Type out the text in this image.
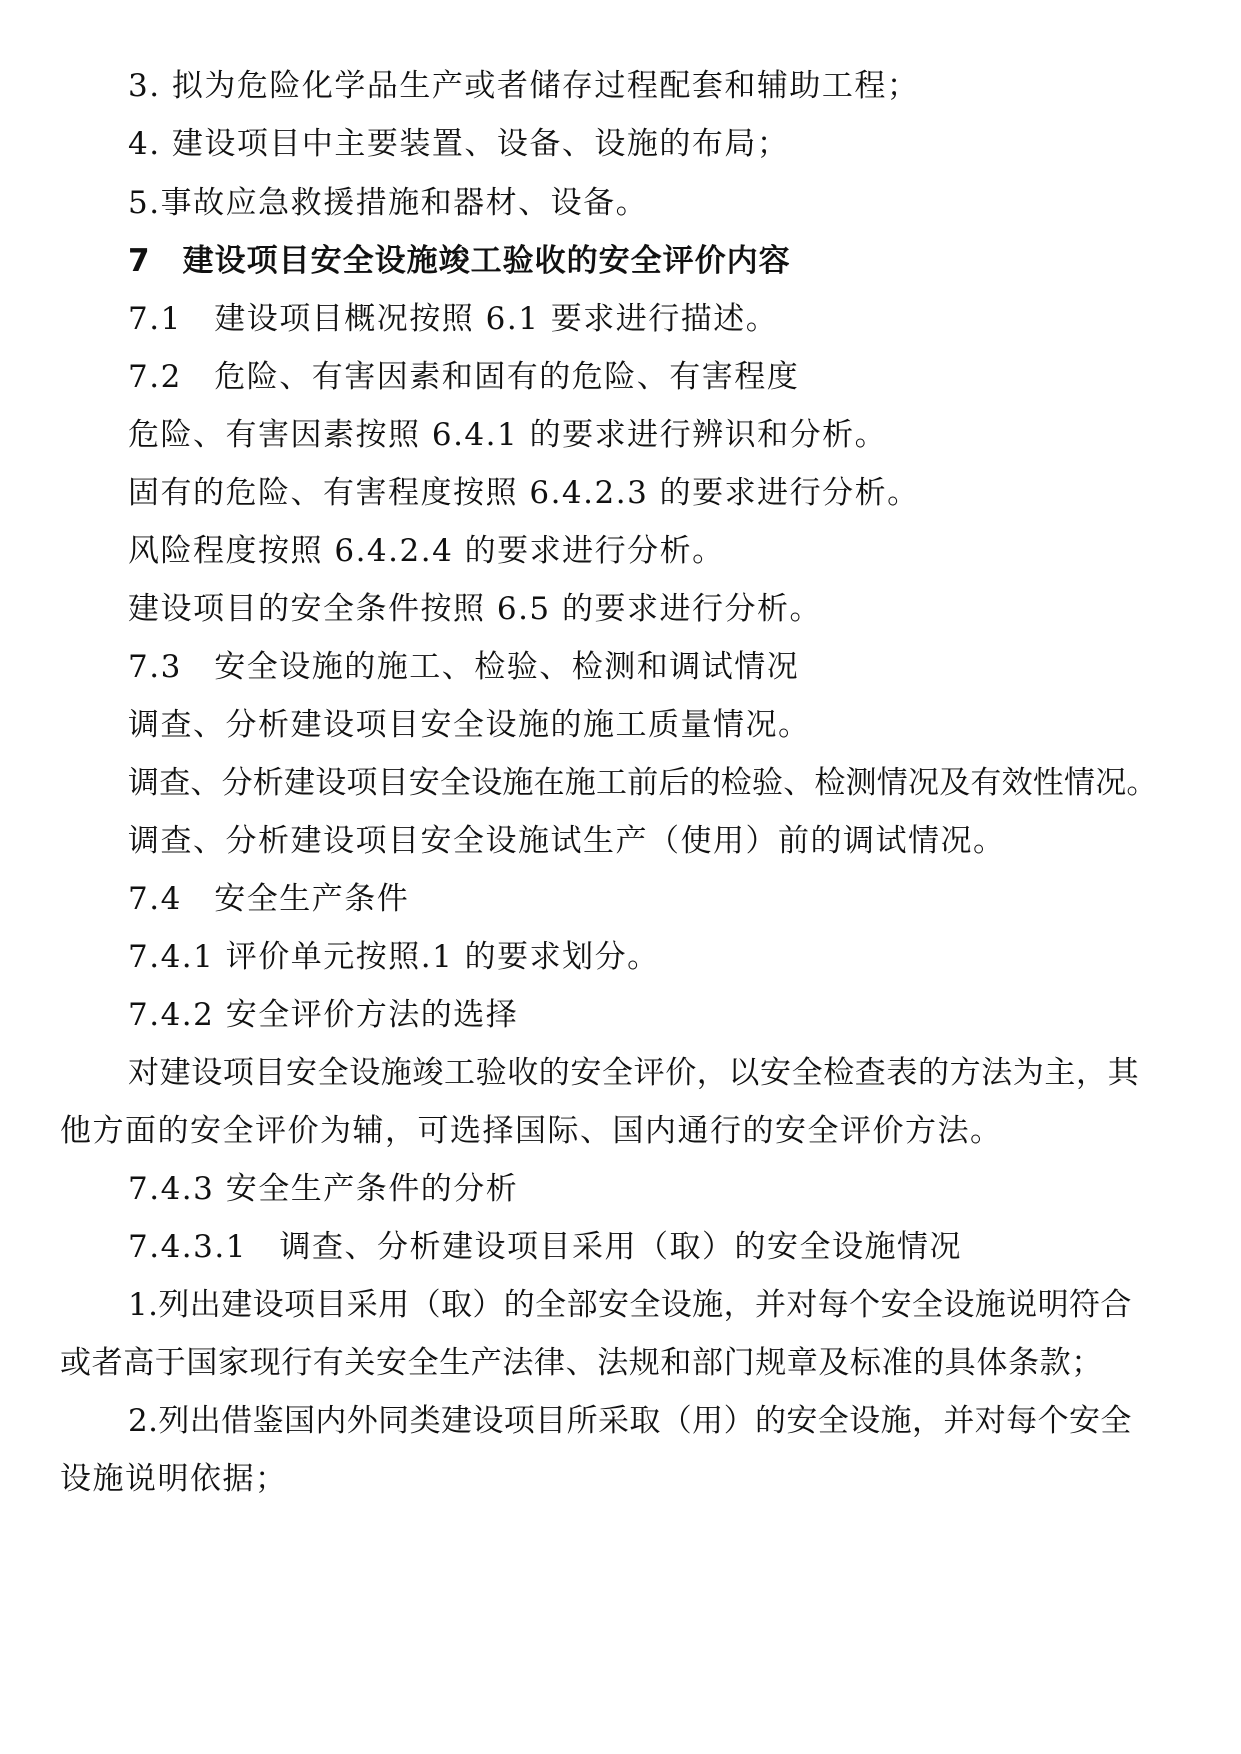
3. 拟为危险化学品生产或者储存过程配套和辅助工程；

4. 建设项目中主要装置、设备、设施的布局；

5.事故应急救援措施和器材、设备。

7　建设项目安全设施竣工验收的安全评价内容

7.1　建设项目概况按照 6.1 要求进行描述。

7.2　危险、有害因素和固有的危险、有害程度

危险、有害因素按照 6.4.1 的要求进行辨识和分析。

固有的危险、有害程度按照 6.4.2.3 的要求进行分析。

风险程度按照 6.4.2.4 的要求进行分析。

建设项目的安全条件按照 6.5 的要求进行分析。

7.3　安全设施的施工、检验、检测和调试情况

调查、分析建设项目安全设施的施工质量情况。

调查、分析建设项目安全设施在施工前后的检验、检测情况及有效性情况。

调查、分析建设项目安全设施试生产（使用）前的调试情况。

7.4　安全生产条件

7.4.1 评价单元按照.1 的要求划分。

7.4.2 安全评价方法的选择

对建设项目安全设施竣工验收的安全评价，以安全检查表的方法为主，其

他方面的安全评价为辅，可选择国际、国内通行的安全评价方法。

7.4.3 安全生产条件的分析

7.4.3.1　调查、分析建设项目采用（取）的安全设施情况

1.列出建设项目采用（取）的全部安全设施，并对每个安全设施说明符合

或者高于国家现行有关安全生产法律、法规和部门规章及标准的具体条款；

2.列出借鉴国内外同类建设项目所采取（用）的安全设施，并对每个安全

设施说明依据；
